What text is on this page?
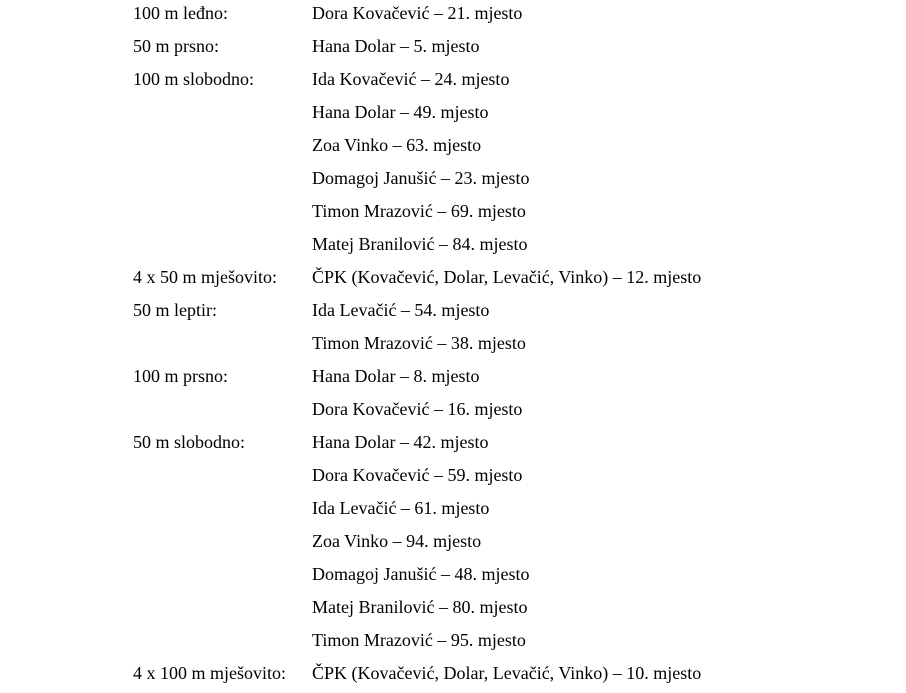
100 m leđno:	Dora Kovačević – 21. mjesto
50 m prsno:	Hana Dolar – 5. mjesto
100 m slobodno:	Ida Kovačević – 24. mjesto
Hana Dolar – 49. mjesto
Zoa Vinko – 63. mjesto
Domagoj Janušić – 23. mjesto
Timon Mrazović – 69. mjesto
Matej Branilović – 84. mjesto
4 x 50 m mješovito:	ČPK (Kovačević, Dolar, Levačić, Vinko) – 12. mjesto
50 m leptir:	Ida Levačić – 54. mjesto
Timon Mrazović – 38. mjesto
100 m prsno:	Hana Dolar – 8. mjesto
Dora Kovačević – 16. mjesto
50 m slobodno:	Hana Dolar – 42. mjesto
Dora Kovačević – 59. mjesto
Ida Levačić – 61. mjesto
Zoa Vinko – 94. mjesto
Domagoj Janušić – 48. mjesto
Matej Branilović – 80. mjesto
Timon Mrazović – 95. mjesto
4 x 100 m mješovito:	ČPK (Kovačević, Dolar, Levačić, Vinko) – 10. mjesto
